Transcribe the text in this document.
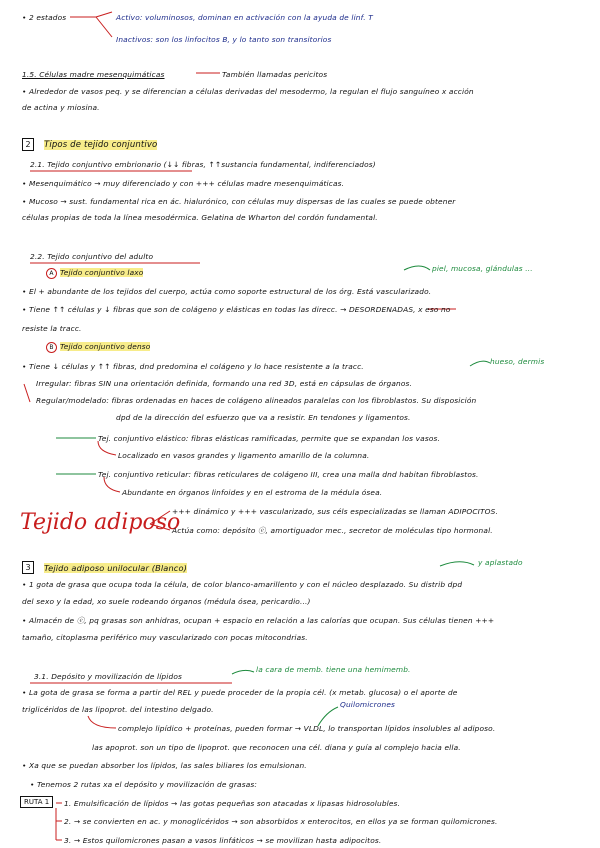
2
3
RUTA 1
• 2 estados	Activo: voluminosos, dominan en activación con la ayuda de linf. T
Inactivos: son los linfocitos B, y lo tanto son transitorios
1.5. Células madre mesenquimáticas	También llamadas pericitos
• Alrededor de vasos peq. y se diferencian a células derivadas del mesodermo, la regulan el flujo sanguíneo x acción
de actina y miosina.
Tipos de tejido conjuntivo
2.1. Tejido conjuntivo embrionario (↓↓ fibras, ↑↑sustancia fundamental, indiferenciados)
• Mesenquimático → muy diferenciado y con +++ células madre mesenquimáticas.
• Mucoso → sust. fundamental rica en ác. hialurónico, con células muy dispersas de las cuales se puede obtener
células propias de toda la línea mesodérmica. Gelatina de Wharton del cordón fundamental.
2.2. Tejido conjuntivo del adulto
A Tejido conjuntivo laxo	piel, mucosa, glándulas ...
• El + abundante de los tejidos del cuerpo, actúa como soporte estructural de los órg. Está vascularizado.
• Tiene ↑↑ células y ↓ fibras que son de colágeno y elásticas en todas las direcc. → DESORDENADAS, x eso no
resiste la tracc.
B Tejido conjuntivo denso
• Tiene ↓ células y ↑↑ fibras, dnd predomina el colágeno y lo hace resistente a la tracc.
hueso, dermis
Irregular: fibras SIN una orientación definida, formando una red 3D, está en cápsulas de órganos.
Regular/modelado: fibras ordenadas en haces de colágeno alineados paralelas con los fibroblastos. Su disposición
dpd de la dirección del esfuerzo que va a resistir. En tendones y ligamentos.
Tej. conjuntivo elástico: fibras elásticas ramificadas, permite que se expandan los vasos.
Localizado en vasos grandes y ligamento amarillo de la columna.
Tej. conjuntivo reticular: fibras reticulares de colágeno III, crea una malla dnd habitan fibroblastos.
Abundante en órganos linfoides y en el estroma de la médula ósea.
Tejido adiposo
+++ dinámico y +++ vascularizado, sus céls especializadas se llaman ADIPOCITOS.
Actúa como: depósito ⓔ, amortiguador mec., secretor de moléculas tipo hormonal.
Tejido adiposo unilocular (Blanco)
y aplastado
• 1 gota de grasa que ocupa toda la célula, de color blanco-amarillento y con el núcleo desplazado. Su distrib dpd
del sexo y la edad, xo suele rodeando órganos (médula ósea, pericardio...)
• Almacén de ⓔ, pq grasas son anhidras, ocupan + espacio en relación a las calorías que ocupan. Sus células tienen +++
tamaño, citoplasma periférico muy vascularizado con pocas mitocondrias.
3.1. Depósito y movilización de lípidos
la cara de memb. tiene una hemimemb.
• La gota de grasa se forma a partir del REL y puede proceder de la propia cél. (x metab. glucosa) o el aporte de
triglicéridos de las lipoprot. del intestino delgado.
Quilomicrones
complejo lipídico + proteínas, pueden formar → VLDL, lo transportan lípidos insolubles al adiposo.
las apoprot. son un tipo de lipoprot. que reconocen una cél. diana y guía al complejo hacia ella.
• Xa que se puedan absorber los lípidos, las sales biliares los emulsionan.
• Tenemos 2 rutas xa el depósito y movilización de grasas:
1. Emulsificación de lípidos → las gotas pequeñas son atacadas x lipasas hidrosolubles.
2. → se convierten en ac. y monoglicéridos → son absorbidos x enterocitos, en ellos ya se forman quilomicrones.
3. → Estos quilomicrones pasan a vasos linfáticos → se movilizan hasta adipocitos.
